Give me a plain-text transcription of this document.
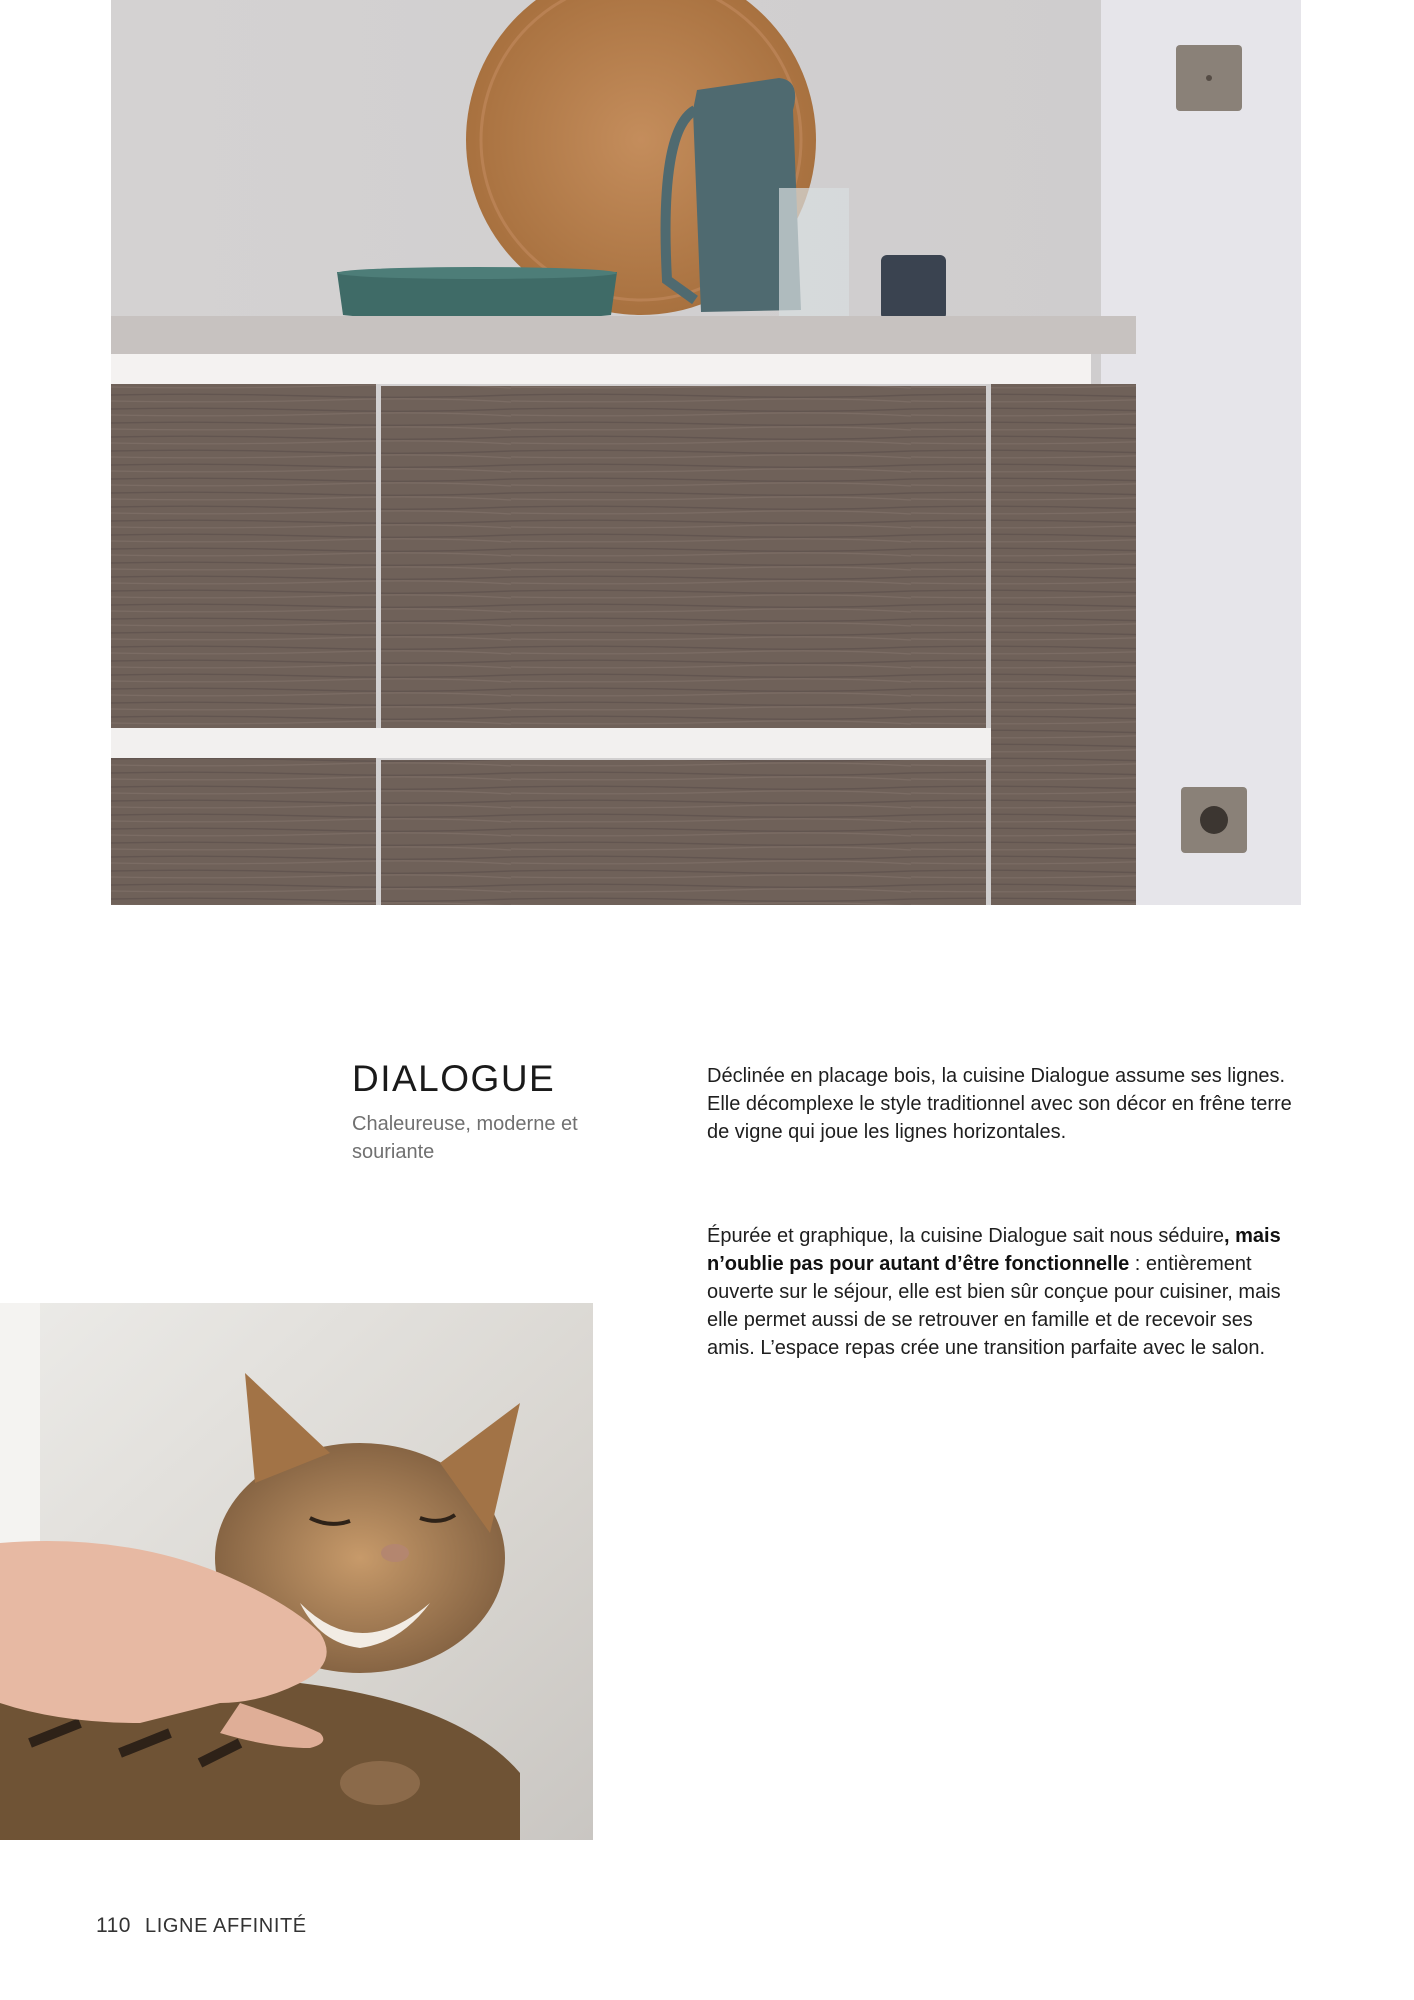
DIALOGUE
Chaleureuse, moderne et souriante

Déclinée en placage bois, la cuisine Dialogue assume ses lignes. Elle décomplexe le style traditionnel avec son décor en frêne terre de vigne qui joue les lignes horizontales.

Épurée et graphique, la cuisine Dialogue sait nous séduire, mais n’oublie pas pour autant d’être fonctionnelle : entièrement ouverte sur le séjour, elle est bien sûr conçue pour cuisiner, mais elle permet aussi de se retrouver en famille et de recevoir ses amis. L’espace repas crée une transition parfaite avec le salon.

110 LIGNE AFFINITÉ
